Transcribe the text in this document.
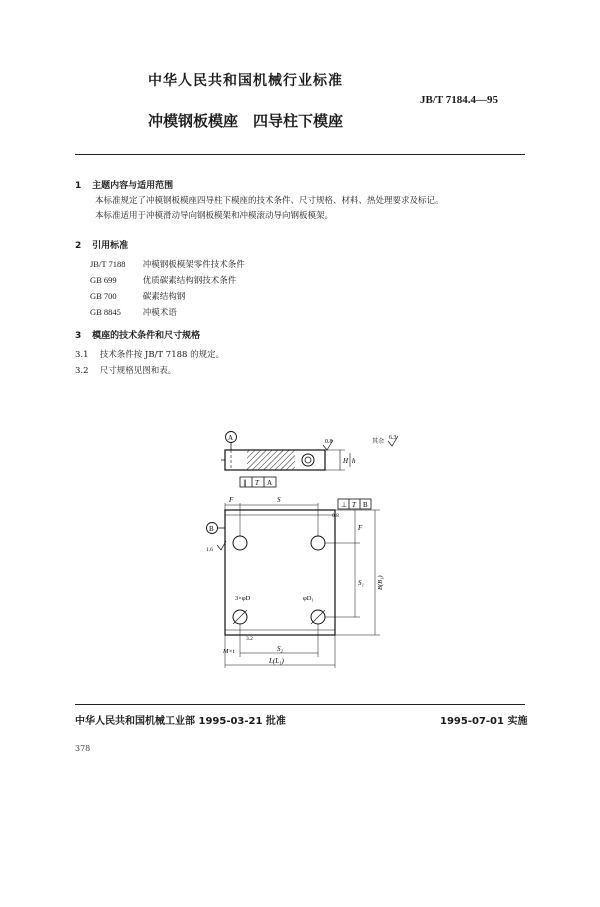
中华人民共和国机械行业标准
JB/T 7184.4—95
冲模钢板模座　四导柱下模座
1 主题内容与适用范围
本标准规定了冲模钢板模座四导柱下模座的技术条件、尺寸规格、材料、热处理要求及标记。
本标准适用于冲模滑动导向钢板模架和冲模滚动导向钢板模架。
2 引用标准
JB/T 7188 冲模钢板模架零件技术条件
GB 699	优质碳素结构钢技术条件
GB 700	碳素结构钢
GB 8845	冲模术语
3 模座的技术条件和尺寸规格
3.1 技术条件按 JB/T 7188 的规定。
3.2 尺寸规格见图和表。
H h
A
∥ T A
0.8	其余
6.3
3×φD	φD₁
B
⊥ T B
F	S
0.8
1.6
3.2
S₁ B(B₁)
F
S₂
L(L₁)
M×t
中华人民共和国机械工业部 1995-03-21 批准	1995-07-01 实施
378
